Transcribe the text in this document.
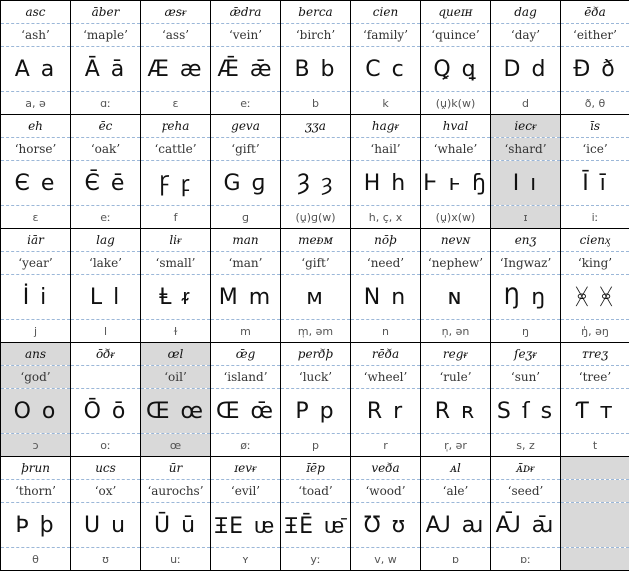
asc	āber	æsᵲ	ǣdra	berca	cien	ɋueɪʜ	dag	ēða
‘ash’	‘maple’	‘ass’	‘vein’	‘birch’	‘family’	‘quince’	‘day’	‘either’
A a	Ā ā	Æ æ	Ǣ ǣ	B b	C c	Ꝗ ꝗ	D d	Ð ð
a, ə	ɑː	ɛ	eː	b	k	(ṷ)k(w)	d	ð, θ
eh	ēc	ꝼeha	geva	ʒʒa	hagᵲ	hval	iecᵲ	īs
‘horse’	‘oak’	‘cattle’	‘gift’		‘hail’	‘whale’	‘shard’	‘ice’
Є е	Є̄ ē	Ꝼ ꝼ	G ɡ	Ȝ ȝ	H h	Ⱶ ⱶ ɧ	I ı	Ī ī
ɛ	eː	f	ɡ	(ṷ)ɡ(w)	h, ç, x	(ṷ)x(w)	ɪ	iː
iār	lag	liᵲ	man	meᴆᴍ	nōþ	nevɴ	enʒ	cienᶍ
‘year’	‘lake’	‘small’	‘man’	‘gift’	‘need’	‘nephew’	‘Ingwaz’	‘king’
İ i	L l	Ⱡ ᵲ	M m	ᴍ	N n	ɴ	Ŋ ŋ	ᚸ ᚸ
j	l	ɫ	m	m̩, əm	n	n̩, ən	ŋ	ŋ̍, əŋ
ans	ōðᵲ	œl	œ̄g	perðþ	rēða	regᵲ	ſeʒᵲ	ᴛreʒ
‘god’		‘oil’	‘island’	‘luck’	‘wheel’	‘rule’	‘sun’	‘tree’
O o	Ō ō	Œ œ	Œ̄ œ̄	P p	R r	R ʀ	S ſ s	Ƭ ᴛ
ɔ	oː	œ	øː	p	r	r̩, ər	s, z	t
þrun	ucs	ūr	ɪevᵲ	ɪ̄ēp	veða	ᴀl	ᴀ̄ᴅᵲ	
‘thorn’	‘ox’	‘aurochs’	‘evil’	‘toad’	‘wood’	‘ale’	‘seed’	
Þ þ	U u	Ū ū	Ɪ̵E ᵫ	Ɪ̵Ē ᵫ̄	Ʊ ʊ	Ꜷ ꜷ	Ꜷ̄ ꜷ̄	
θ	ʊ	uː	ʏ	yː	v, w	ɒ	ɒː	
